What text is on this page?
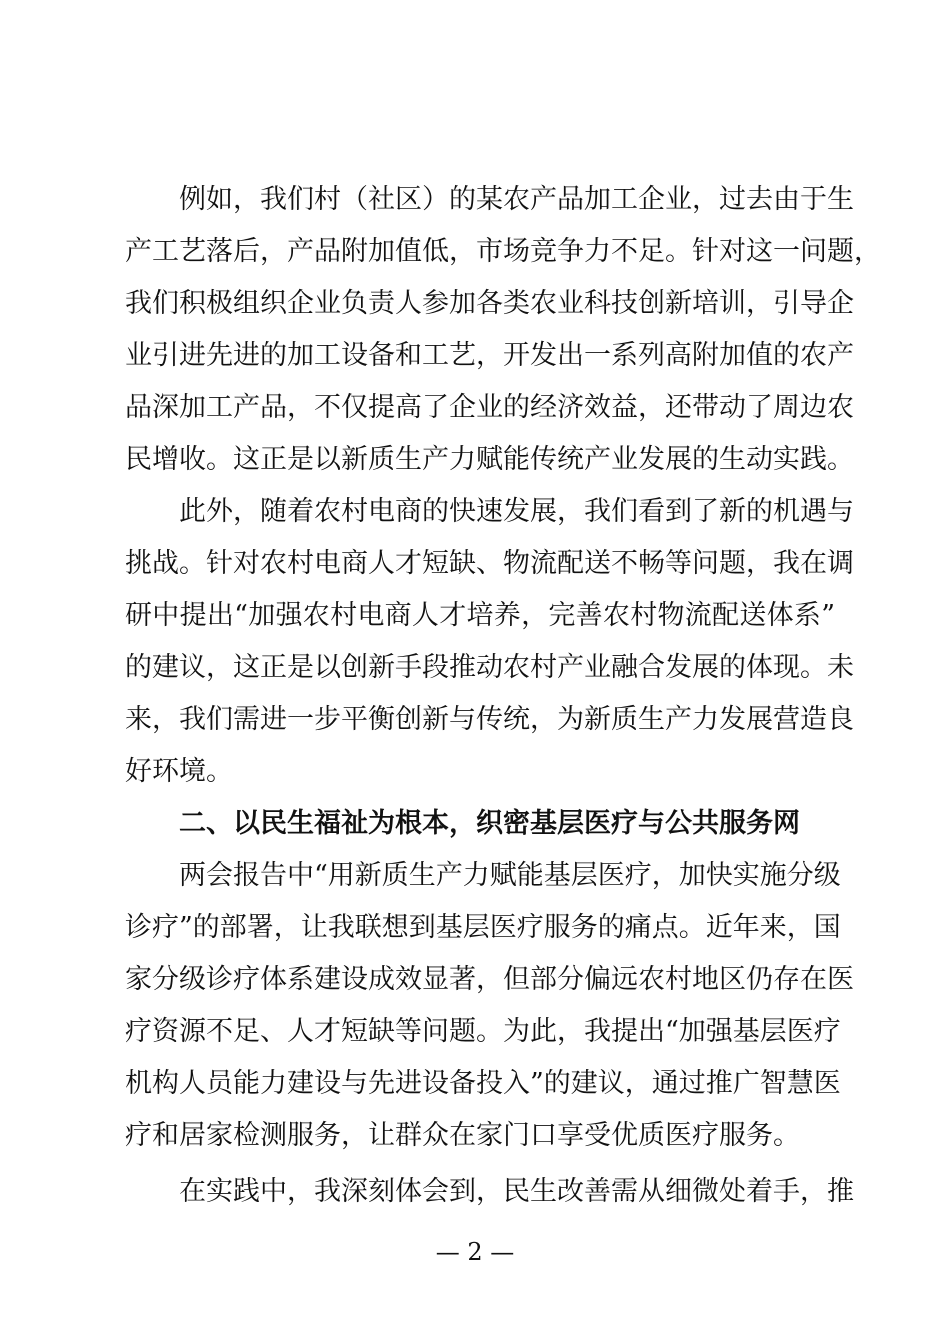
例如，我们村（社区）的某农产品加工企业，过去由于生
产工艺落后，产品附加值低，市场竞争力不足。针对这一问题，
我们积极组织企业负责人参加各类农业科技创新培训，引导企
业引进先进的加工设备和工艺，开发出一系列高附加值的农产
品深加工产品，不仅提高了企业的经济效益，还带动了周边农
民增收。这正是以新质生产力赋能传统产业发展的生动实践。
此外，随着农村电商的快速发展，我们看到了新的机遇与
挑战。针对农村电商人才短缺、物流配送不畅等问题，我在调
研中提出“加强农村电商人才培养，完善农村物流配送体系”
的建议，这正是以创新手段推动农村产业融合发展的体现。未
来，我们需进一步平衡创新与传统，为新质生产力发展营造良
好环境。
二、以民生福祉为根本，织密基层医疗与公共服务网
两会报告中“用新质生产力赋能基层医疗，加快实施分级
诊疗”的部署，让我联想到基层医疗服务的痛点。近年来，国
家分级诊疗体系建设成效显著，但部分偏远农村地区仍存在医
疗资源不足、人才短缺等问题。为此，我提出“加强基层医疗
机构人员能力建设与先进设备投入”的建议，通过推广智慧医
疗和居家检测服务，让群众在家门口享受优质医疗服务。
在实践中，我深刻体会到，民生改善需从细微处着手，推
— 2 —
